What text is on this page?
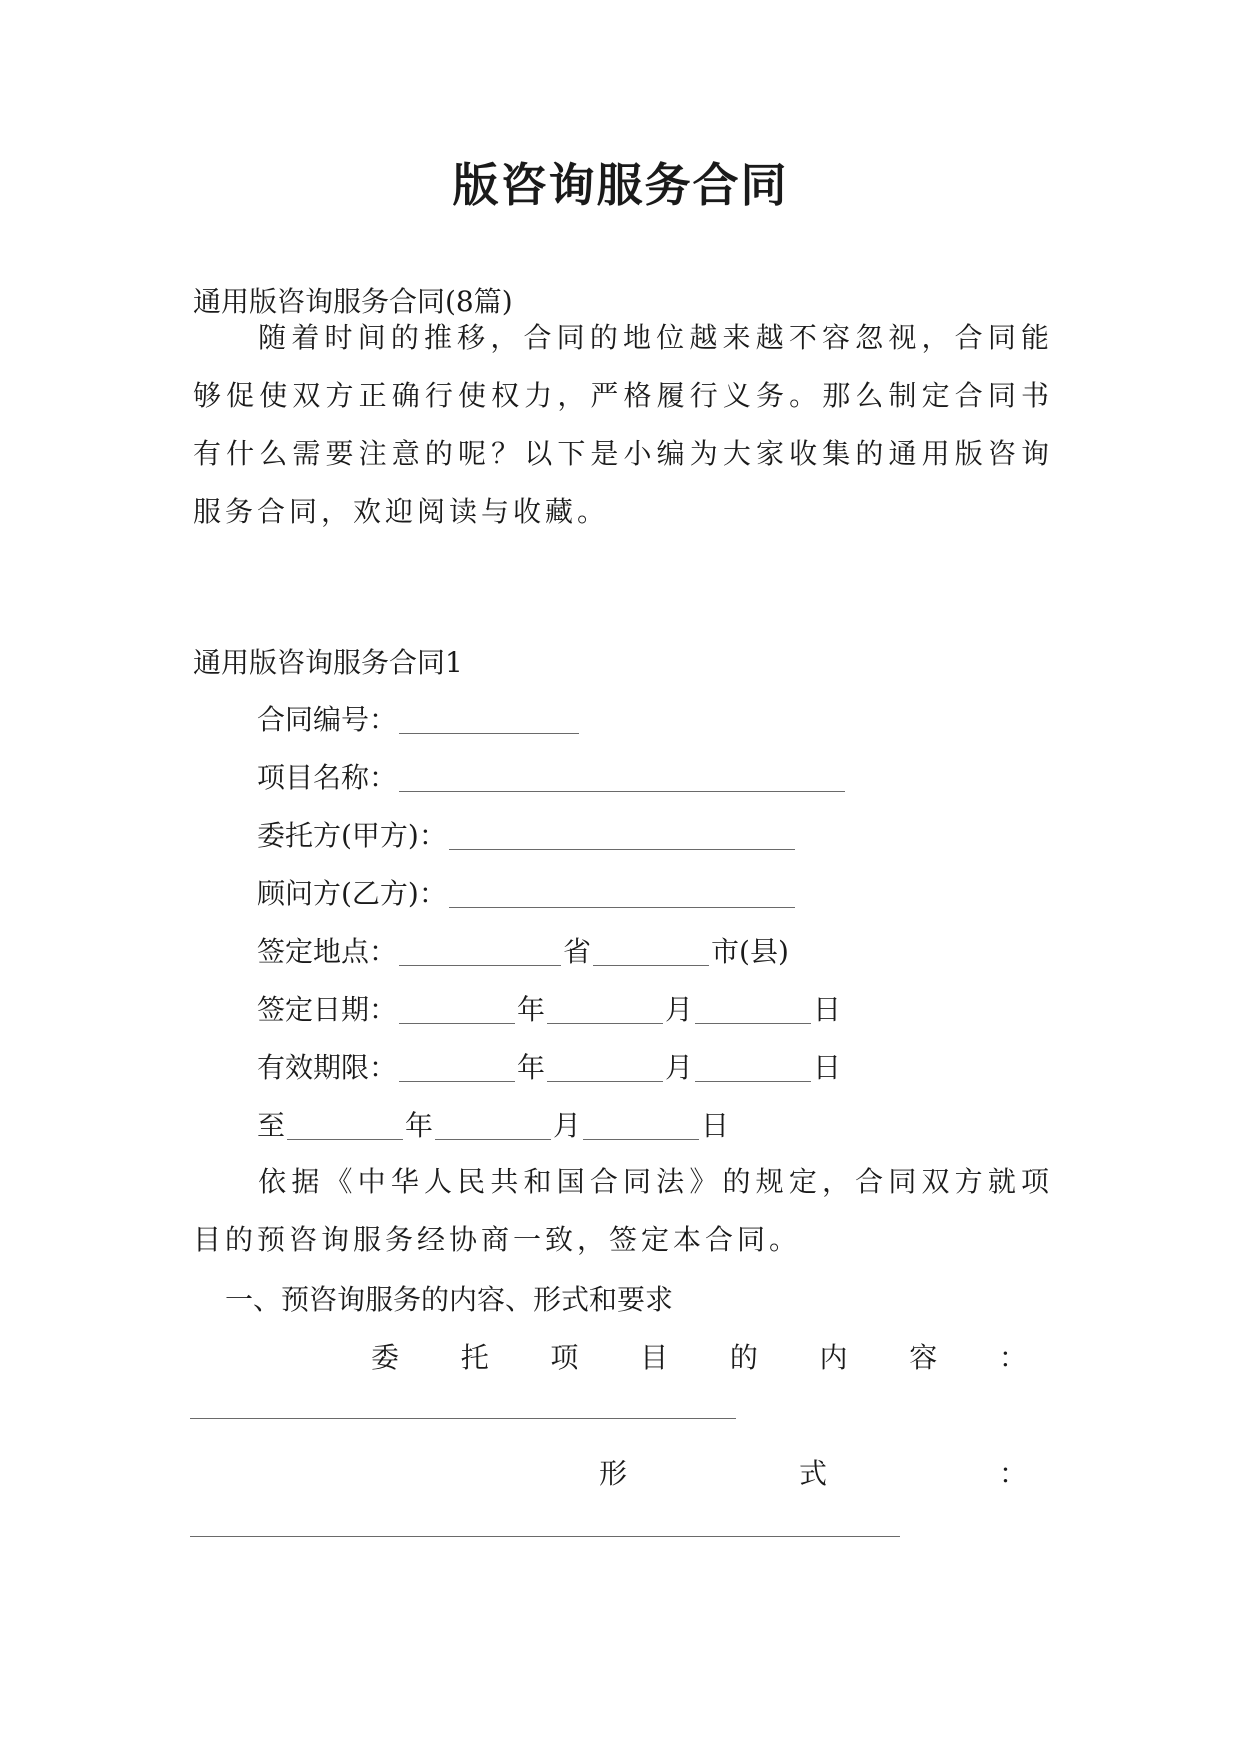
版咨询服务合同

通用版咨询服务合同(8篇)

随着时间的推移，合同的地位越来越不容忽视，合同能够促使双方正确行使权力，严格履行义务。那么制定合同书有什么需要注意的呢？以下是小编为大家收集的通用版咨询服务合同，欢迎阅读与收藏。

通用版咨询服务合同1

合同编号：

项目名称：

委托方(甲方)：

顾问方(乙方)：

签定地点：	省	市(县)

签定日期：	年	月	日

有效期限：	年	月	日

至	年	月	日

依据《中华人民共和国合同法》的规定，合同双方就项目的预咨询服务经协商一致，签定本合同。

一、预咨询服务的内容、形式和要求

委 托 项 目 的 内 容 ：
形	式	：
